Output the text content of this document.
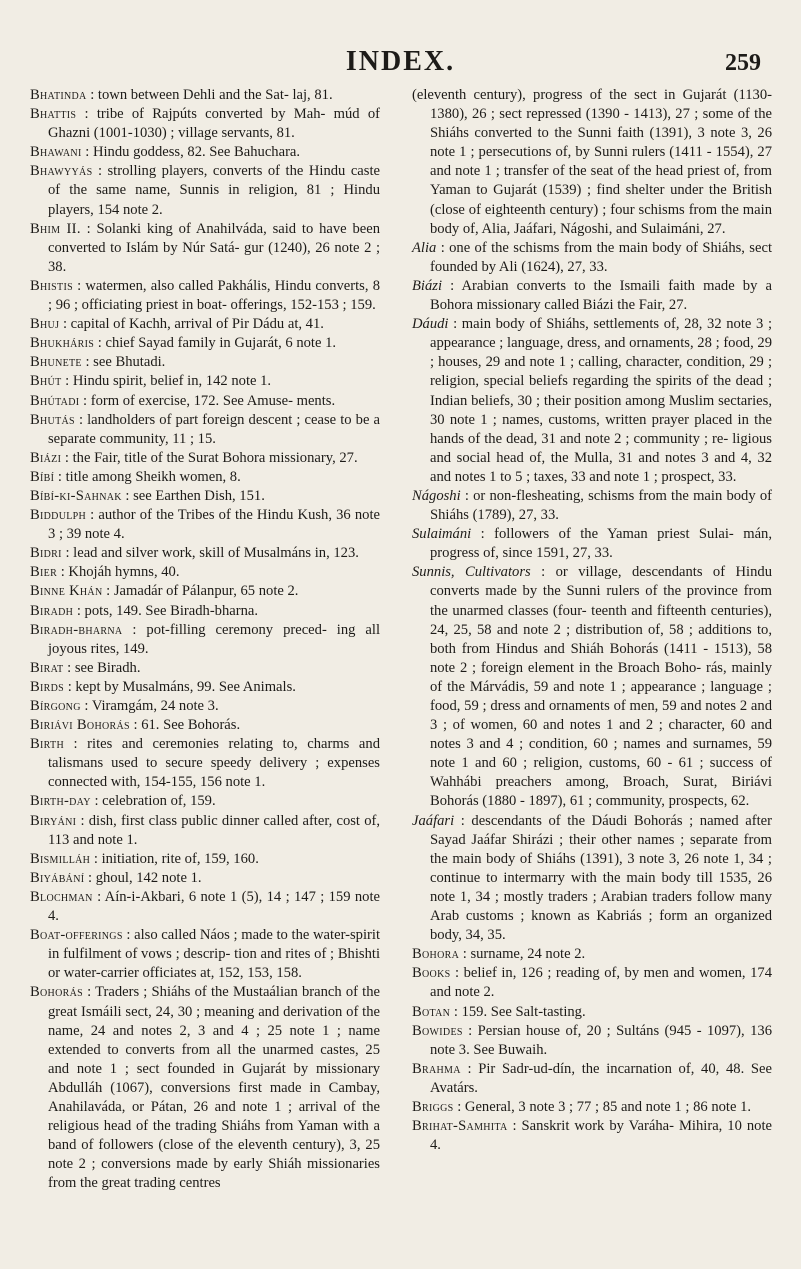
INDEX.	259

Bhatinda : town between Dehli and the Sat- laj, 81.

Bhattis : tribe of Rajpúts converted by Mah- múd of Ghazni (1001-1030) ; village servants, 81.

Bhawani : Hindu goddess, 82. See Bahuchara.

Bhawyyás : strolling players, converts of the Hindu caste of the same name, Sunnis in religion, 81 ; Hindu players, 154 note 2.

Bhim II. : Solanki king of Anahilváda, said to have been converted to Islám by Núr Satá- gur (1240), 26 note 2 ; 38.

Bhistis : watermen, also called Pakhális, Hindu converts, 8 ; 96 ; officiating priest in boat- offerings, 152-153 ; 159.

Bhuj : capital of Kachh, arrival of Pir Dádu at, 41.

Bhukháris : chief Sayad family in Gujarát, 6 note 1.

Bhunete : see Bhutadi.

Bhút : Hindu spirit, belief in, 142 note 1.

Bhútadi : form of exercise, 172. See Amuse- ments.

Bhutás : landholders of part foreign descent ; cease to be a separate community, 11 ; 15.

Biázi : the Fair, title of the Surat Bohora missionary, 27.

Bíbí : title among Sheikh women, 8.

Bíbí-ki-Sahnak : see Earthen Dish, 151.

Biddulph : author of the Tribes of the Hindu Kush, 36 note 3 ; 39 note 4.

Bidri : lead and silver work, skill of Musalmáns in, 123.

Bier : Khojáh hymns, 40.

Binne Khán : Jamadár of Pálanpur, 65 note 2.

Biradh : pots, 149. See Biradh-bharna.

Biradh-bharna : pot-filling ceremony preced- ing all joyous rites, 149.

Birat : see Biradh.

Birds : kept by Musalmáns, 99. See Animals.

Bírgong : Viramgám, 24 note 3.

Biriávi Bohorás : 61. See Bohorás.

Birth : rites and ceremonies relating to, charms and talismans used to secure speedy delivery ; expenses connected with, 154-155, 156 note 1.

Birth-day : celebration of, 159.

Biryáni : dish, first class public dinner called after, cost of, 113 and note 1.

Bismilláh : initiation, rite of, 159, 160.

Biyábání : ghoul, 142 note 1.

Blochman : Aín-i-Akbari, 6 note 1 (5), 14 ; 147 ; 159 note 4.

Boat-offerings : also called Náos ; made to the water-spirit in fulfilment of vows ; descrip- tion and rites of ; Bhishti or water-carrier officiates at, 152, 153, 158.

Bohorás : Traders ; Shiáhs of the Mustaálian branch of the great Ismáili sect, 24, 30 ; meaning and derivation of the name, 24 and notes 2, 3 and 4 ; 25 note 1 ; name extended to converts from all the unarmed castes, 25 and note 1 ; sect founded in Gujarát by missionary Abdulláh (1067), conversions first made in Cambay, Anahilaváda, or Pátan, 26 and note 1 ; arrival of the religious head of the trading Shiáhs from Yaman with a band of followers (close of the eleventh century), 3, 25 note 2 ; conversions made by early Shiáh missionaries from the great trading centres

(eleventh century), progress of the sect in Gujarát (1130-1380), 26 ; sect repressed (1390 - 1413), 27 ; some of the Shiáhs converted to the Sunni faith (1391), 3 note 3, 26 note 1 ; persecutions of, by Sunni rulers (1411 - 1554), 27 and note 1 ; transfer of the seat of the head priest of, from Yaman to Gujarát (1539) ; find shelter under the British (close of eighteenth century) ; four schisms from the main body of, Alia, Jaáfari, Nágoshi, and Sulaimáni, 27.

Alia : one of the schisms from the main body of Shiáhs, sect founded by Ali (1624), 27, 33.

Biázi : Arabian converts to the Ismaili faith made by a Bohora missionary called Biázi the Fair, 27.

Dáudi : main body of Shiáhs, settlements of, 28, 32 note 3 ; appearance ; language, dress, and ornaments, 28 ; food, 29 ; houses, 29 and note 1 ; calling, character, condition, 29 ; religion, special beliefs regarding the spirits of the dead ; Indian beliefs, 30 ; their position among Muslim sectaries, 30 note 1 ; names, customs, written prayer placed in the hands of the dead, 31 and note 2 ; community ; re- ligious and social head of, the Mulla, 31 and notes 3 and 4, 32 and notes 1 to 5 ; taxes, 33 and note 1 ; prospect, 33.

Nágoshi : or non-flesheating, schisms from the main body of Shiáhs (1789), 27, 33.

Sulaimáni : followers of the Yaman priest Sulai- mán, progress of, since 1591, 27, 33.

Sunnis, Cultivators : or village, descendants of Hindu converts made by the Sunni rulers of the province from the unarmed classes (four- teenth and fifteenth centuries), 24, 25, 58 and note 2 ; distribution of, 58 ; additions to, both from Hindus and Shiáh Bohorás (1411 - 1513), 58 note 2 ; foreign element in the Broach Boho- rás, mainly of the Márvádis, 59 and note 1 ; appearance ; language ; food, 59 ; dress and ornaments of men, 59 and notes 2 and 3 ; of women, 60 and notes 1 and 2 ; character, 60 and notes 3 and 4 ; condition, 60 ; names and surnames, 59 note 1 and 60 ; religion, customs, 60 - 61 ; success of Wahhábi preachers among, Broach, Surat, Biriávi Bohorás (1880 - 1897), 61 ; community, prospects, 62.

Jaáfari : descendants of the Dáudi Bohorás ; named after Sayad Jaáfar Shirázi ; their other names ; separate from the main body of Shiáhs (1391), 3 note 3, 26 note 1, 34 ; continue to intermarry with the main body till 1535, 26 note 1, 34 ; mostly traders ; Arabian traders follow many Arab customs ; known as Kabriás ; form an organized body, 34, 35.

Bohora : surname, 24 note 2.

Books : belief in, 126 ; reading of, by men and women, 174 and note 2.

Botan : 159. See Salt-tasting.

Bowides : Persian house of, 20 ; Sultáns (945 - 1097), 136 note 3. See Buwaih.

Brahma : Pir Sadr-ud-dín, the incarnation of, 40, 48. See Avatárs.

Briggs : General, 3 note 3 ; 77 ; 85 and note 1 ; 86 note 1.

Brihat-Samhita : Sanskrit work by Varáha- Mihira, 10 note 4.
